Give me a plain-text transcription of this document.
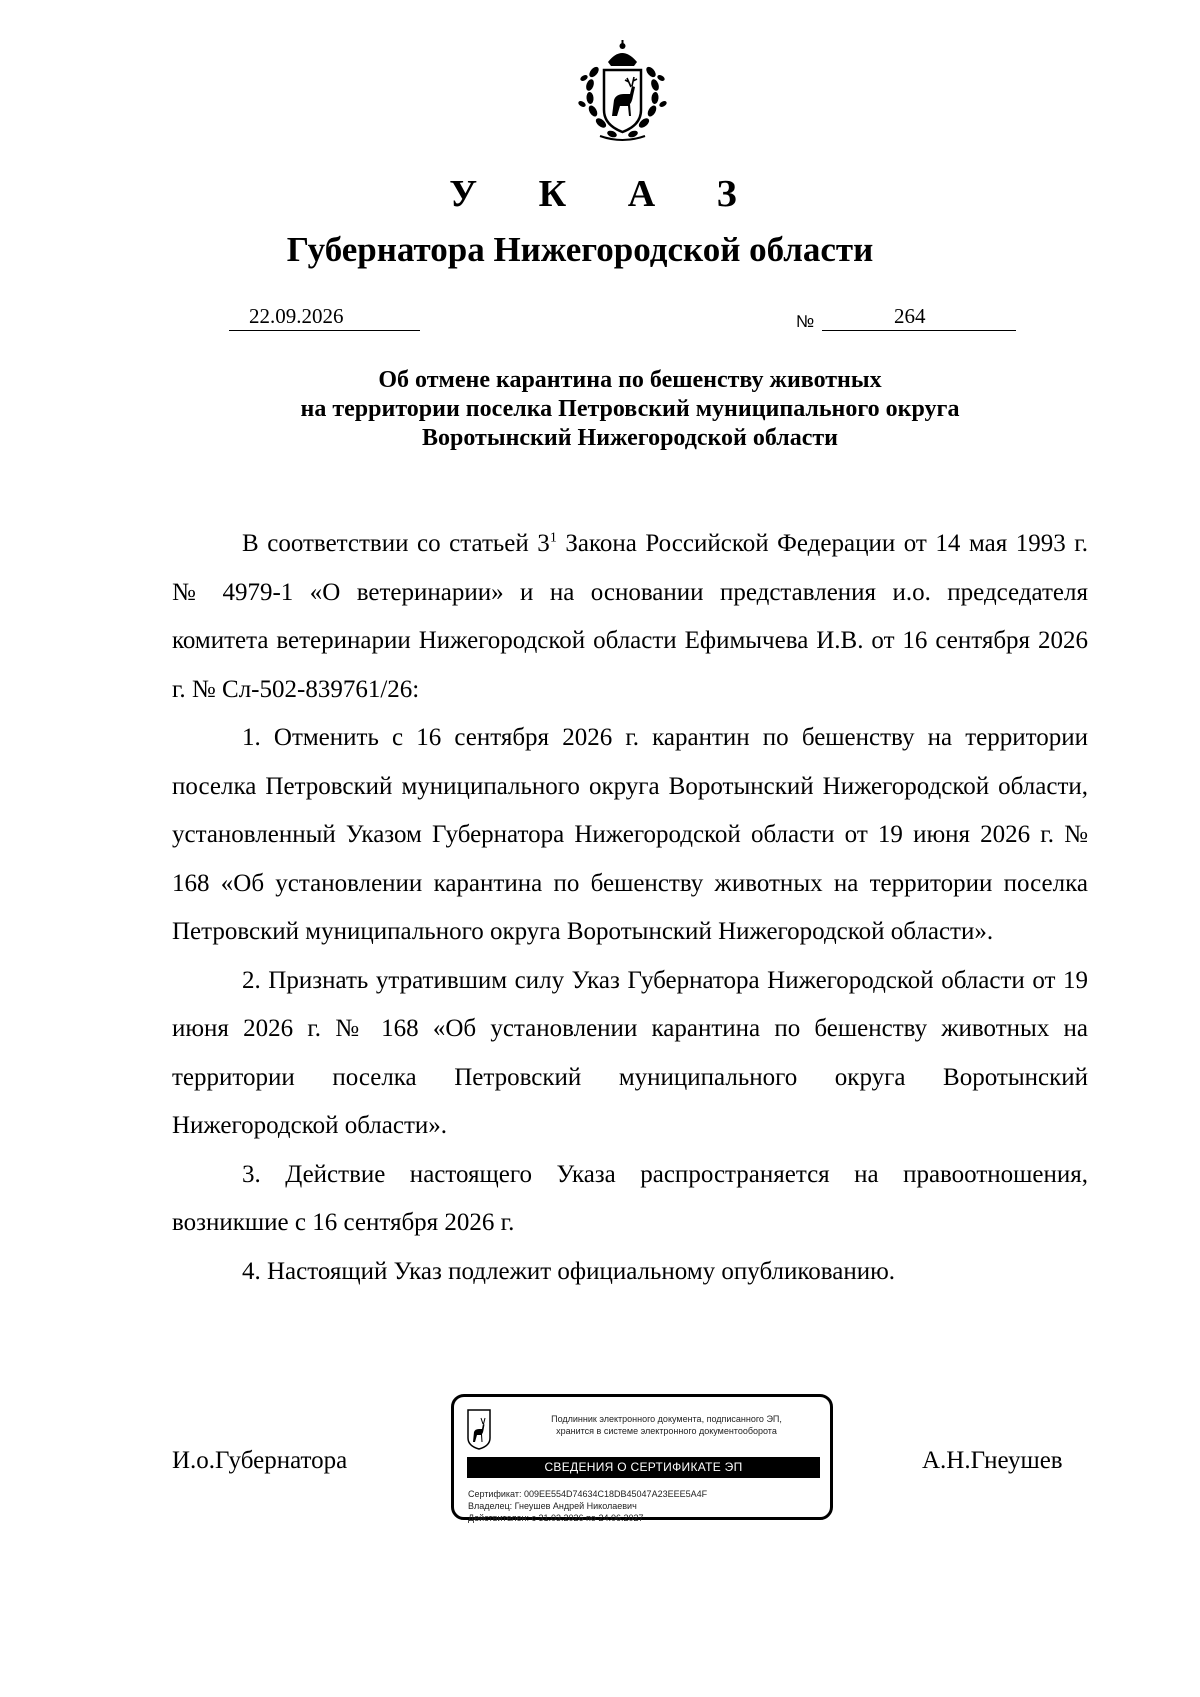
У К А З
Губернатора Нижегородской области
22.09.2026	№	264
Об отмене карантина по бешенству животных
на территории поселка Петровский муниципального округа
Воротынский Нижегородской области

В соответствии со статьей $3^1$ Закона Российской Федерации от 14 мая 1993 г. № 4979-1 «О ветеринарии» и на основании представления и.о. председателя комитета ветеринарии Нижегородской области Ефимычева И.В. от 16 сентября 2026 г. № Сл-502-839761/26:

1. Отменить с 16 сентября 2026 г. карантин по бешенству на территории поселка Петровский муниципального округа Воротынский Нижегородской области, установленный Указом Губернатора Нижегородской области от 19 июня 2026 г. № 168 «Об установлении карантина по бешенству животных на территории поселка Петровский муниципального округа Воротынский Нижегородской области».

2. Признать утратившим силу Указ Губернатора Нижегородской области от 19 июня 2026 г. № 168 «Об установлении карантина по бешенству животных на территории поселка Петровский муниципального округа Воротынский Нижегородской области».

3. Действие настоящего Указа распространяется на правоотношения, возникшие с 16 сентября 2026 г.

4. Настоящий Указ подлежит официальному опубликованию.

И.о.Губернатора	А.Н.Гнеушев
Подлинник электронного документа, подписанного ЭП,
хранится в системе электронного документооборота
СВЕДЕНИЯ О СЕРТИФИКАТЕ ЭП
Сертификат: 009EE554D74634C18DB45047A23EEE5A4F
Владелец: Гнеушев Андрей Николаевич
Действителен: с 31.03.2026 по 24.06.2027
